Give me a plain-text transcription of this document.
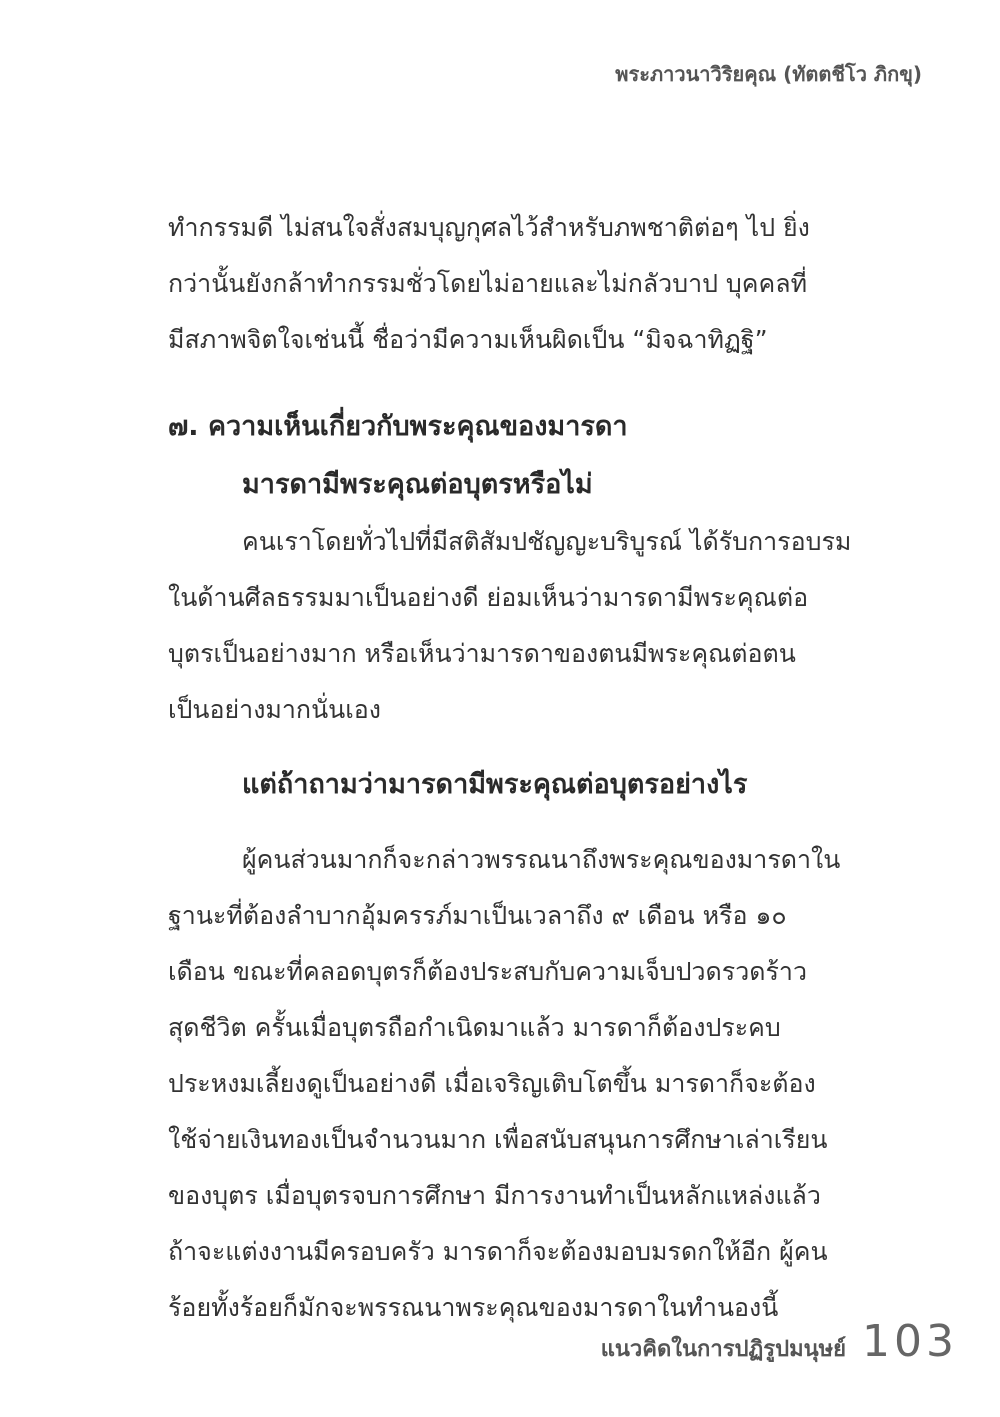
พระภาวนาวิริยคุณ (ทัตตชีโว ภิกขุ)
ทำกรรมดี ไม่สนใจสั่งสมบุญกุศลไว้สำหรับภพชาติต่อๆ ไป ยิ่ง
กว่านั้นยังกล้าทำกรรมชั่วโดยไม่อายและไม่กลัวบาป บุคคลที่
มีสภาพจิตใจเช่นนี้ ชื่อว่ามีความเห็นผิดเป็น “มิจฉาทิฏฐิ”
๗. ความเห็นเกี่ยวกับพระคุณของมารดา
มารดามีพระคุณต่อบุตรหรือไม่
คนเราโดยทั่วไปที่มีสติสัมปชัญญะบริบูรณ์ ได้รับการอบรม
ในด้านศีลธรรมมาเป็นอย่างดี ย่อมเห็นว่ามารดามีพระคุณต่อ
บุตรเป็นอย่างมาก หรือเห็นว่ามารดาของตนมีพระคุณต่อตน
เป็นอย่างมากนั่นเอง
แต่ถ้าถามว่ามารดามีพระคุณต่อบุตรอย่างไร
ผู้คนส่วนมากก็จะกล่าวพรรณนาถึงพระคุณของมารดาใน
ฐานะที่ต้องลำบากอุ้มครรภ์มาเป็นเวลาถึง ๙ เดือน หรือ ๑๐
เดือน ขณะที่คลอดบุตรก็ต้องประสบกับความเจ็บปวดรวดร้าว
สุดชีวิต ครั้นเมื่อบุตรถือกำเนิดมาแล้ว มารดาก็ต้องประคบ
ประหงมเลี้ยงดูเป็นอย่างดี เมื่อเจริญเติบโตขึ้น มารดาก็จะต้อง
ใช้จ่ายเงินทองเป็นจำนวนมาก เพื่อสนับสนุนการศึกษาเล่าเรียน
ของบุตร เมื่อบุตรจบการศึกษา มีการงานทำเป็นหลักแหล่งแล้ว
ถ้าจะแต่งงานมีครอบครัว มารดาก็จะต้องมอบมรดกให้อีก ผู้คน
ร้อยทั้งร้อยก็มักจะพรรณนาพระคุณของมารดาในทำนองนี้
แนวคิดในการปฏิรูปมนุษย์ 103
